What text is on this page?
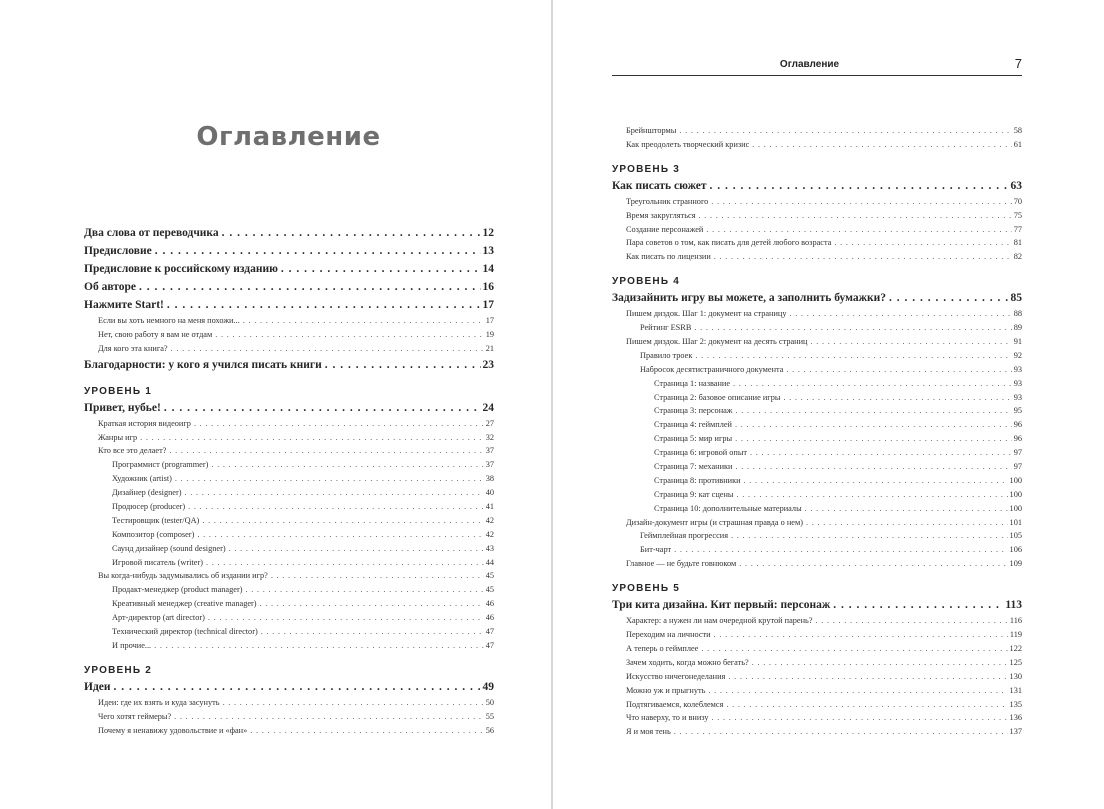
Оглавление
Два слова от переводчика . . .	12
Предисловие . . .	13
Предисловие к российскому изданию . . .	14
Об авторе . . .	16
Нажмите Start! . . .	17
Если вы хоть немного на меня похожи... . . .	17
Нет, свою работу я вам не отдам . . .	19
Для кого эта книга? . . .	21
Благодарности: у кого я учился писать книги . . .	23
УРОВЕНЬ 1
Привет, нубье! . . .	24
Краткая история видеоигр . . .	27
Жанры игр . . .	32
Кто все это делает? . . .	37
Программист (programmer) . . .	37
Художник (artist) . . .	38
Дизайнер (designer) . . .	40
Продюсер (producer) . . .	41
Тестировщик (tester/QA) . . .	42
Композитор (composer) . . .	42
Саунд дизайнер (sound designer) . . .	43
Игровой писатель (writer) . . .	44
Вы когда-нибудь задумывались об издании игр? . . .	45
Продакт-менеджер (product manager) . . .	45
Креативный менеджер (creative manager) . . .	46
Арт-директор (art director) . . .	46
Технический директор (technical director) . . .	47
И прочие... . . .	47
УРОВЕНЬ 2
Идеи . . .	49
Идеи: где их взять и куда засунуть . . .	50
Чего хотят геймеры? . . .	55
Почему я ненавижу удовольствие и «фан» . . .	56
Оглавление	7
Брейнштормы . . .	58
Как преодолеть творческий кризис . . .	61
УРОВЕНЬ 3
Как писать сюжет . . .	63
Треугольник странного . . .	70
Время закругляться . . .	75
Создание персонажей . . .	77
Пара советов о том, как писать для детей любого возраста . . .	81
Как писать по лицензии . . .	82
УРОВЕНЬ 4
Задизайнить игру вы можете, а заполнить бумажки? . . .	85
Пишем диздок. Шаг 1: документ на страницу . . .	88
Рейтинг ESRB . . .	89
Пишем диздок. Шаг 2: документ на десять страниц . . .	91
Правило троек . . .	92
Набросок десятистраничного документа . . .	93
Страница 1: название . . .	93
Страница 2: базовое описание игры . . .	93
Страница 3: персонаж . . .	95
Страница 4: геймплей . . .	96
Страница 5: мир игры . . .	96
Страница 6: игровой опыт . . .	97
Страница 7: механики . . .	97
Страница 8: противники . . .	100
Страница 9: кат сцены . . .	100
Страница 10: дополнительные материалы . . .	100
Дизайн-документ игры (и страшная правда о нем) . . .	101
Геймплейная прогрессия . . .	105
Бит-чарт . . .	106
Главное — не будьте говнюком . . .	109
УРОВЕНЬ 5
Три кита дизайна. Кит первый: персонаж . . .	113
Характер: а нужен ли нам очередной крутой парень? . . .	116
Переходим на личности . . .	119
А теперь о геймплее . . .	122
Зачем ходить, когда можно бегать? . . .	125
Искусство ничегонеделания . . .	130
Можно уж и прыгнуть . . .	131
Подтягиваемся, колеблемся . . .	135
Что наверху, то и внизу . . .	136
Я и моя тень . . .	137
